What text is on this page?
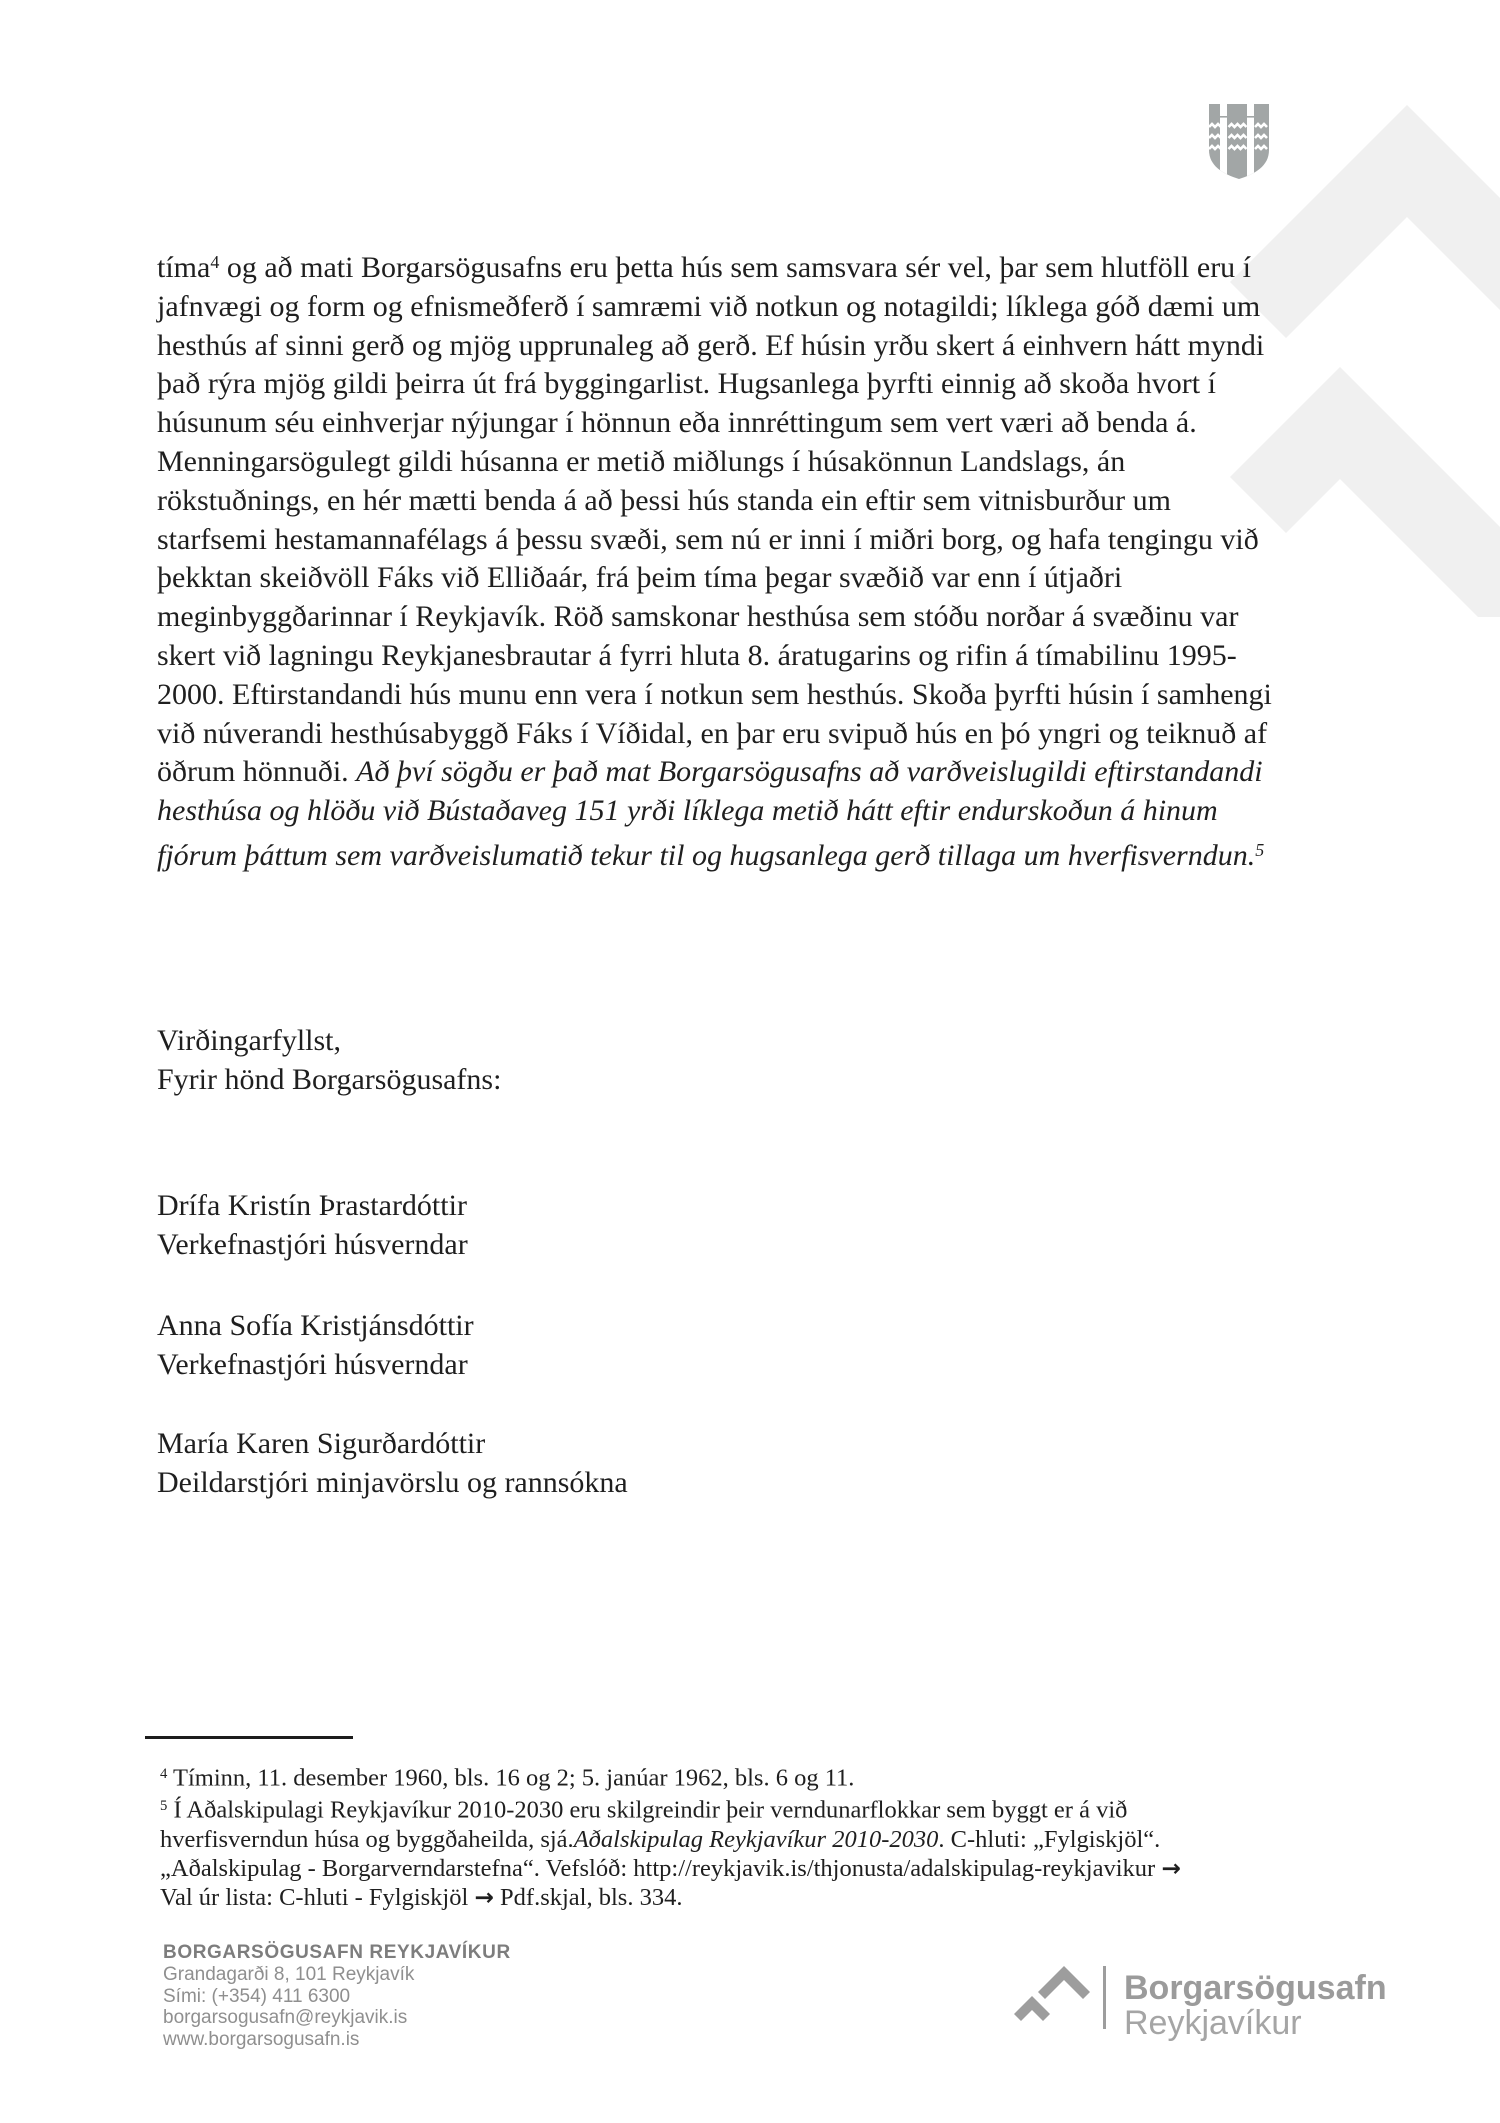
tíma$^4$ og að mati Borgarsögusafns eru þetta hús sem samsvara sér vel, þar sem hlutföll eru í
jafnvægi og form og efnismeðferð í samræmi við notkun og notagildi; líklega góð dæmi um
hesthús af sinni gerð og mjög upprunaleg að gerð. Ef húsin yrðu skert á einhvern hátt myndi
það rýra mjög gildi þeirra út frá byggingarlist. Hugsanlega þyrfti einnig að skoða hvort í
húsunum séu einhverjar nýjungar í hönnun eða innréttingum sem vert væri að benda á.
Menningarsögulegt gildi húsanna er metið miðlungs í húsakönnun Landslags, án
rökstuðnings, en hér mætti benda á að þessi hús standa ein eftir sem vitnisburður um
starfsemi hestamannafélags á þessu svæði, sem nú er inni í miðri borg, og hafa tengingu við
þekktan skeiðvöll Fáks við Elliðaár, frá þeim tíma þegar svæðið var enn í útjaðri
meginbyggðarinnar í Reykjavík. Röð samskonar hesthúsa sem stóðu norðar á svæðinu var
skert við lagningu Reykjanesbrautar á fyrri hluta 8. áratugarins og rifin á tímabilinu 1995-
2000. Eftirstandandi hús munu enn vera í notkun sem hesthús. Skoða þyrfti húsin í samhengi
við núverandi hesthúsabyggð Fáks í Víðidal, en þar eru svipuð hús en þó yngri og teiknuð af
öðrum hönnuði. Að því sögðu er það mat Borgarsögusafns að varðveislugildi eftirstandandi
hesthúsa og hlöðu við Bústaðaveg 151 yrði líklega metið hátt eftir endurskoðun á hinum
fjórum þáttum sem varðveislumatið tekur til og hugsanlega gerð tillaga um hverfisverndun.$^5$
Virðingarfyllst,
Fyrir hönd Borgarsögusafns:
Drífa Kristín Þrastardóttir
Verkefnastjóri húsverndar
Anna Sofía Kristjánsdóttir
Verkefnastjóri húsverndar
María Karen Sigurðardóttir
Deildarstjóri minjavörslu og rannsókna
$^4$ Tíminn, 11. desember 1960, bls. 16 og 2; 5. janúar 1962, bls. 6 og 11.
$^5$ Í Aðalskipulagi Reykjavíkur 2010-2030 eru skilgreindir þeir verndunarflokkar sem byggt er á við
hverfisverndun húsa og byggðaheilda, sjá.Aðalskipulag Reykjavíkur 2010-2030. C-hluti: „Fylgiskjöl“.
„Aðalskipulag - Borgarverndarstefna“. Vefslóð: http://reykjavik.is/thjonusta/adalskipulag-reykjavikur →
Val úr lista: C-hluti - Fylgiskjöl → Pdf.skjal, bls. 334.
BORGARSÖGUSAFN REYKJAVÍKUR
Grandagarði 8, 101 Reykjavík
Sími: (+354) 411 6300
borgarsogusafn@reykjavik.is
www.borgarsogusafn.is
Borgarsögusafn
Reykjavíkur
